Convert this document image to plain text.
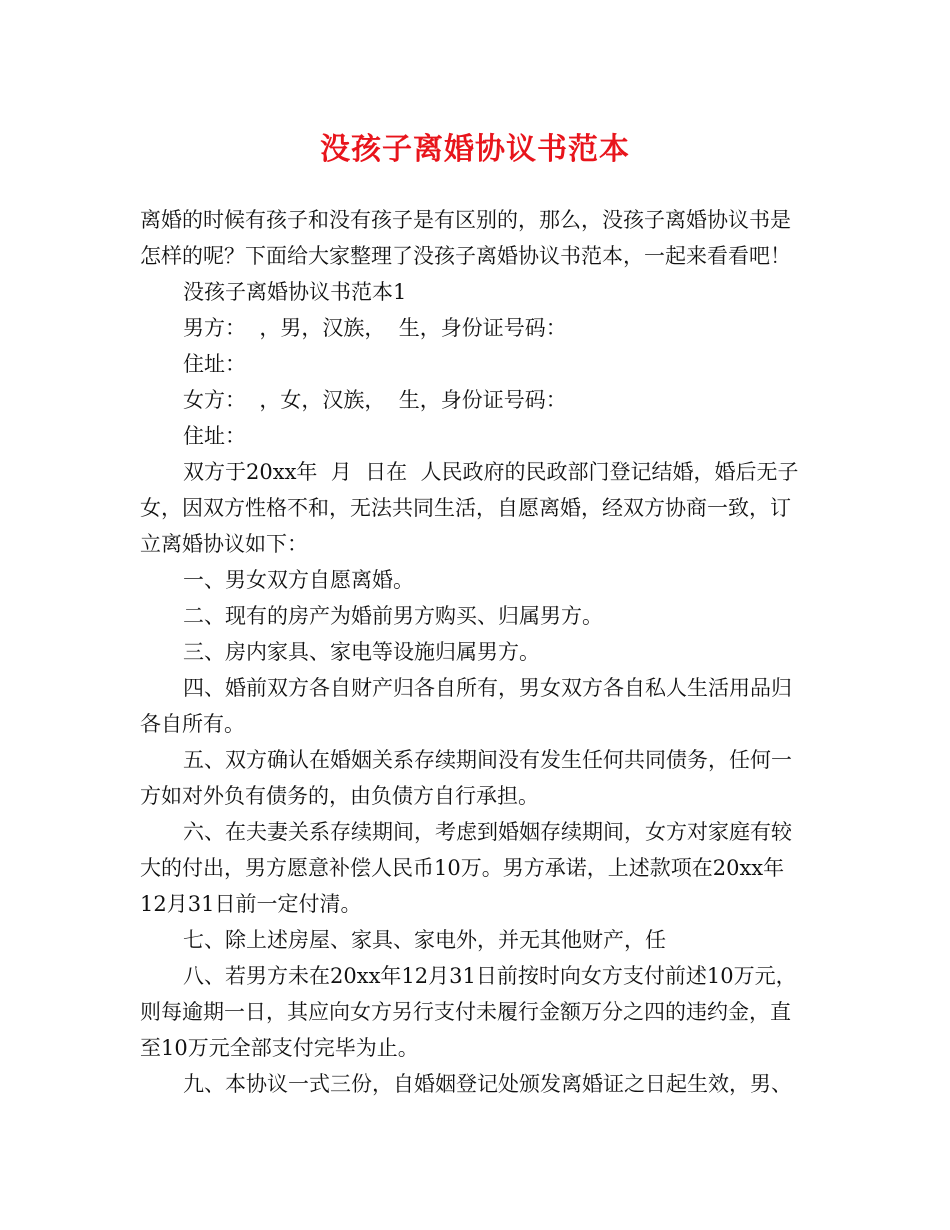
没孩子离婚协议书范本
离婚的时候有孩子和没有孩子是有区别的，那么，没孩子离婚协议书是
怎样的呢？下面给大家整理了没孩子离婚协议书范本，一起来看看吧！
没孩子离婚协议书范本1
男方：  ，男，汉族，  生，身份证号码：
住址：
女方：  ，女，汉族，  生，身份证号码：
住址：
双方于20xx年  月  日在  人民政府的民政部门登记结婚，婚后无子
女，因双方性格不和，无法共同生活，自愿离婚，经双方协商一致，订
立离婚协议如下：
一、男女双方自愿离婚。
二、现有的房产为婚前男方购买、归属男方。
三、房内家具、家电等设施归属男方。
四、婚前双方各自财产归各自所有，男女双方各自私人生活用品归
各自所有。
五、双方确认在婚姻关系存续期间没有发生任何共同债务，任何一
方如对外负有债务的，由负债方自行承担。
六、在夫妻关系存续期间，考虑到婚姻存续期间，女方对家庭有较
大的付出，男方愿意补偿人民币10万。男方承诺，上述款项在20xx年
12月31日前一定付清。
七、除上述房屋、家具、家电外，并无其他财产，任
八、若男方未在20xx年12月31日前按时向女方支付前述10万元，
则每逾期一日，其应向女方另行支付未履行金额万分之四的违约金，直
至10万元全部支付完毕为止。
九、本协议一式三份，自婚姻登记处颁发离婚证之日起生效，男、
